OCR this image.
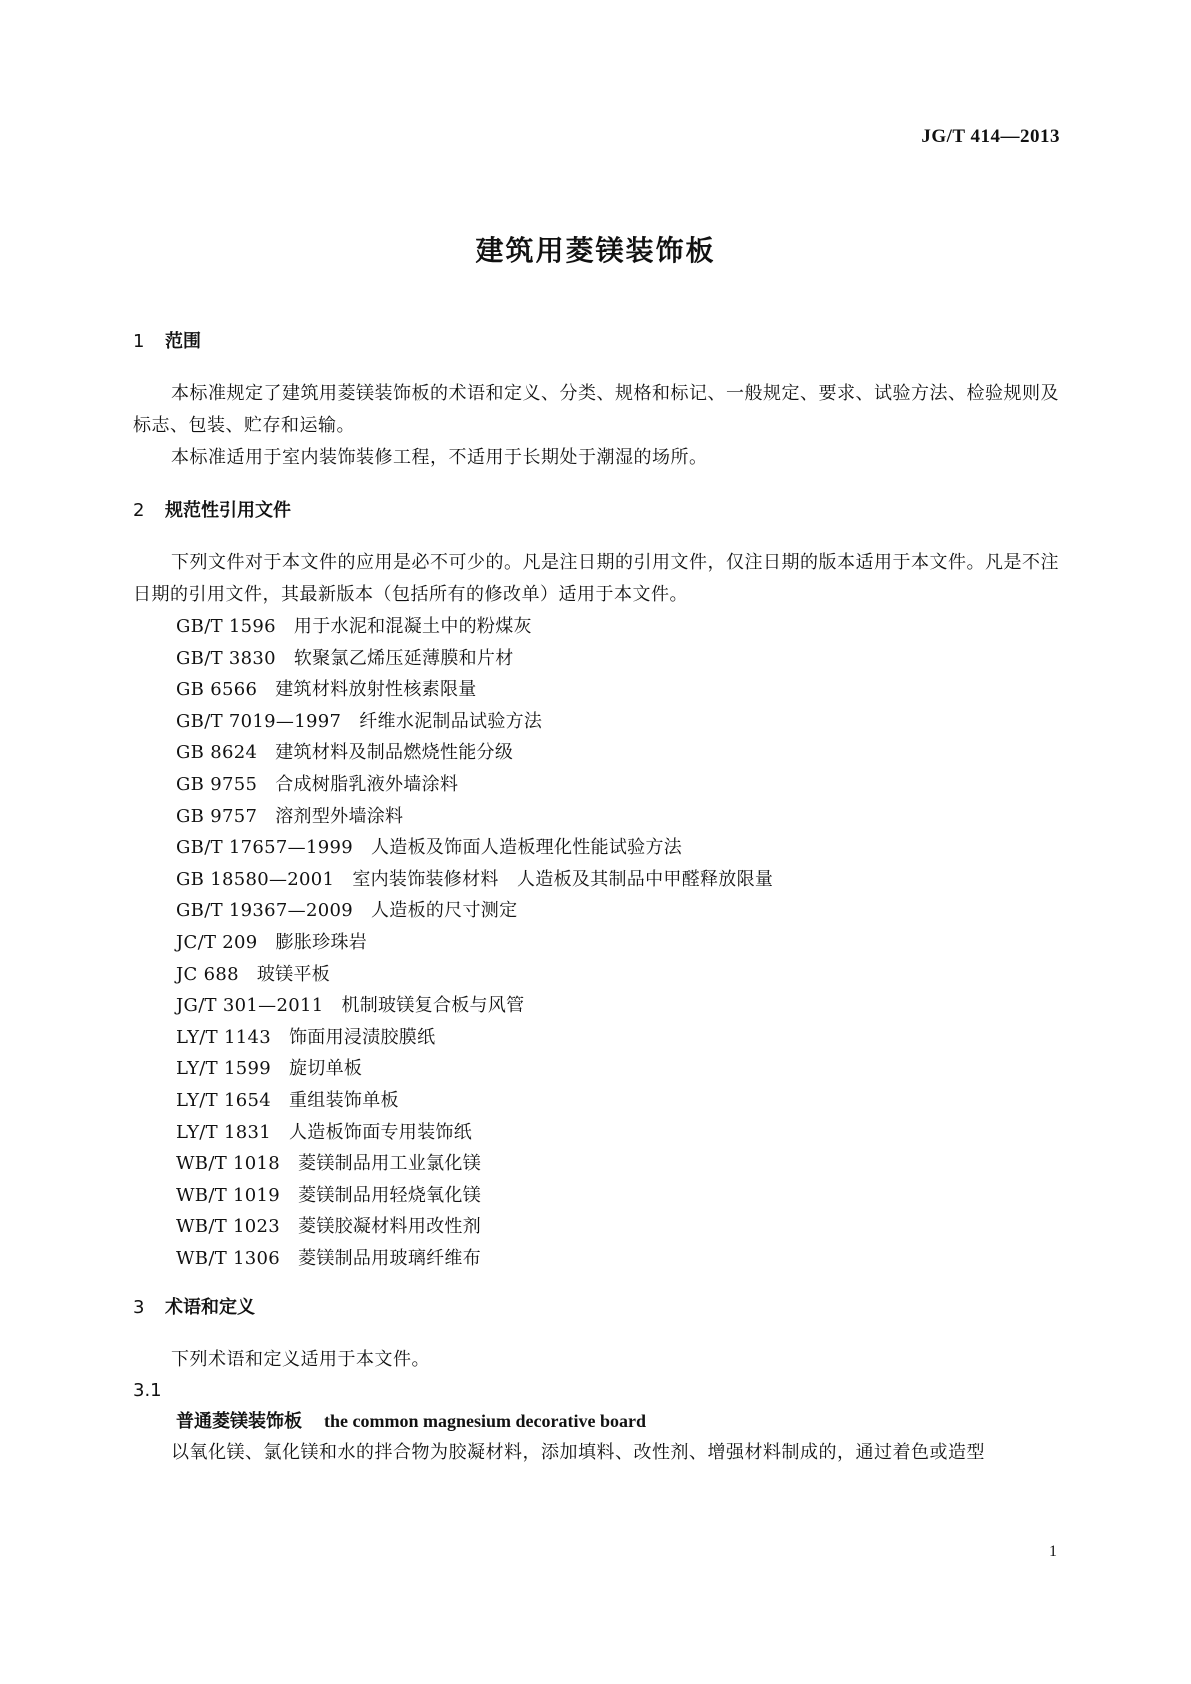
JG/T 414—2013
建筑用菱镁装饰板
1 范围

本标准规定了建筑用菱镁装饰板的术语和定义、分类、规格和标记、一般规定、要求、试验方法、检验规则及标志、包装、贮存和运输。

本标准适用于室内装饰装修工程，不适用于长期处于潮湿的场所。

2 规范性引用文件

下列文件对于本文件的应用是必不可少的。凡是注日期的引用文件，仅注日期的版本适用于本文件。凡是不注日期的引用文件，其最新版本（包括所有的修改单）适用于本文件。

GB/T 1596 用于水泥和混凝土中的粉煤灰
GB/T 3830 软聚氯乙烯压延薄膜和片材
GB 6566 建筑材料放射性核素限量
GB/T 7019—1997 纤维水泥制品试验方法
GB 8624 建筑材料及制品燃烧性能分级
GB 9755 合成树脂乳液外墙涂料
GB 9757 溶剂型外墙涂料
GB/T 17657—1999 人造板及饰面人造板理化性能试验方法
GB 18580—2001 室内装饰装修材料　人造板及其制品中甲醛释放限量
GB/T 19367—2009 人造板的尺寸测定
JC/T 209 膨胀珍珠岩
JC 688 玻镁平板
JG/T 301—2011 机制玻镁复合板与风管
LY/T 1143 饰面用浸渍胶膜纸
LY/T 1599 旋切单板
LY/T 1654 重组装饰单板
LY/T 1831 人造板饰面专用装饰纸
WB/T 1018 菱镁制品用工业氯化镁
WB/T 1019 菱镁制品用轻烧氧化镁
WB/T 1023 菱镁胶凝材料用改性剂
WB/T 1306 菱镁制品用玻璃纤维布
3 术语和定义

下列术语和定义适用于本文件。

3.1

普通菱镁装饰板 the common magnesium decorative board

以氧化镁、氯化镁和水的拌合物为胶凝材料，添加填料、改性剂、增强材料制成的，通过着色或造型

1
